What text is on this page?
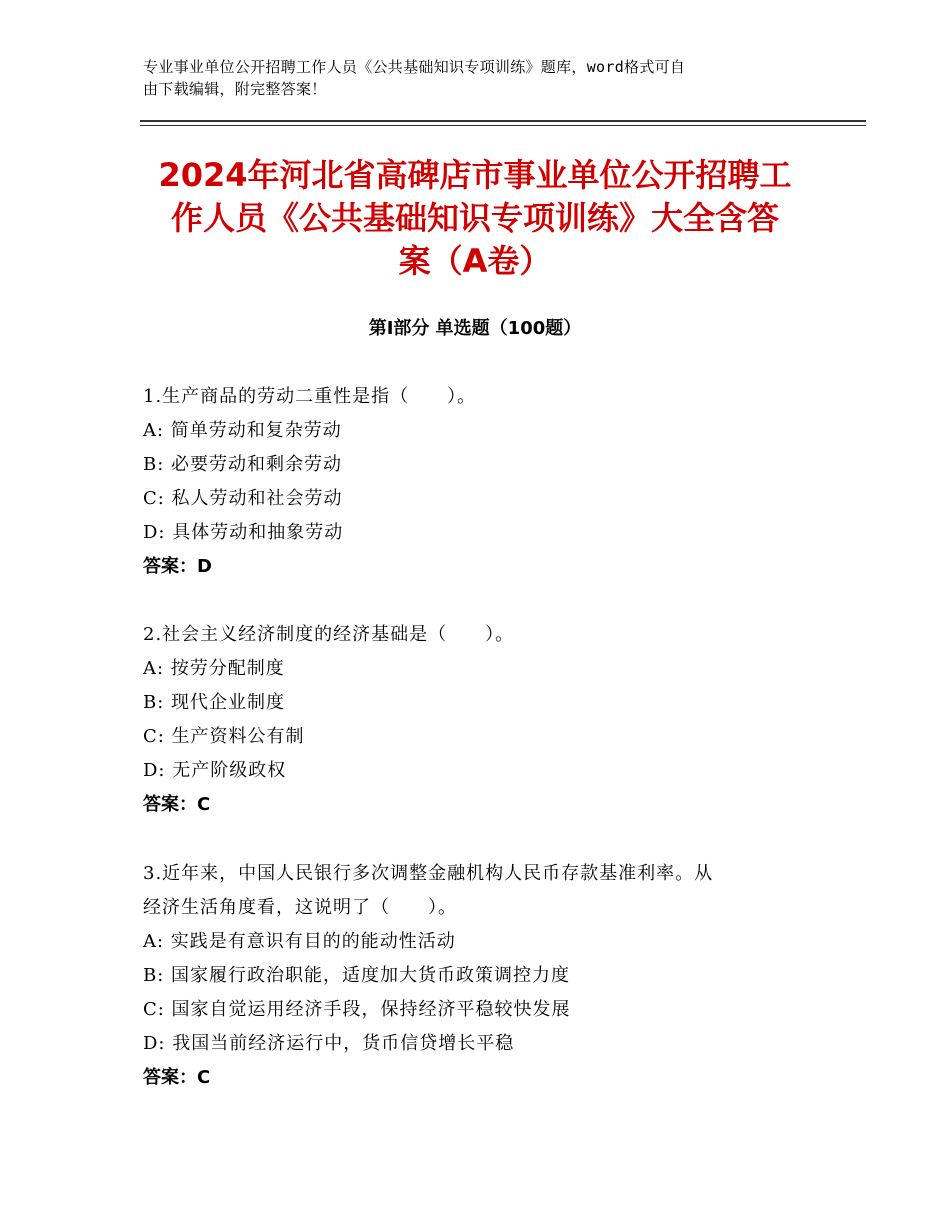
专业事业单位公开招聘工作人员《公共基础知识专项训练》题库，word格式可自
由下载编辑，附完整答案！
2024年河北省高碑店市事业单位公开招聘工
作人员《公共基础知识专项训练》大全含答
案（A卷）
第Ⅰ部分 单选题（100题）

1.生产商品的劳动二重性是指（　　）。

A: 简单劳动和复杂劳动

B: 必要劳动和剩余劳动

C: 私人劳动和社会劳动

D: 具体劳动和抽象劳动

答案：D

2.社会主义经济制度的经济基础是（　　）。

A: 按劳分配制度

B: 现代企业制度

C: 生产资料公有制

D: 无产阶级政权

答案：C

3.近年来，中国人民银行多次调整金融机构人民币存款基准利率。从

经济生活角度看，这说明了（　　）。

A: 实践是有意识有目的的能动性活动

B: 国家履行政治职能，适度加大货币政策调控力度

C: 国家自觉运用经济手段，保持经济平稳较快发展

D: 我国当前经济运行中，货币信贷增长平稳

答案：C
